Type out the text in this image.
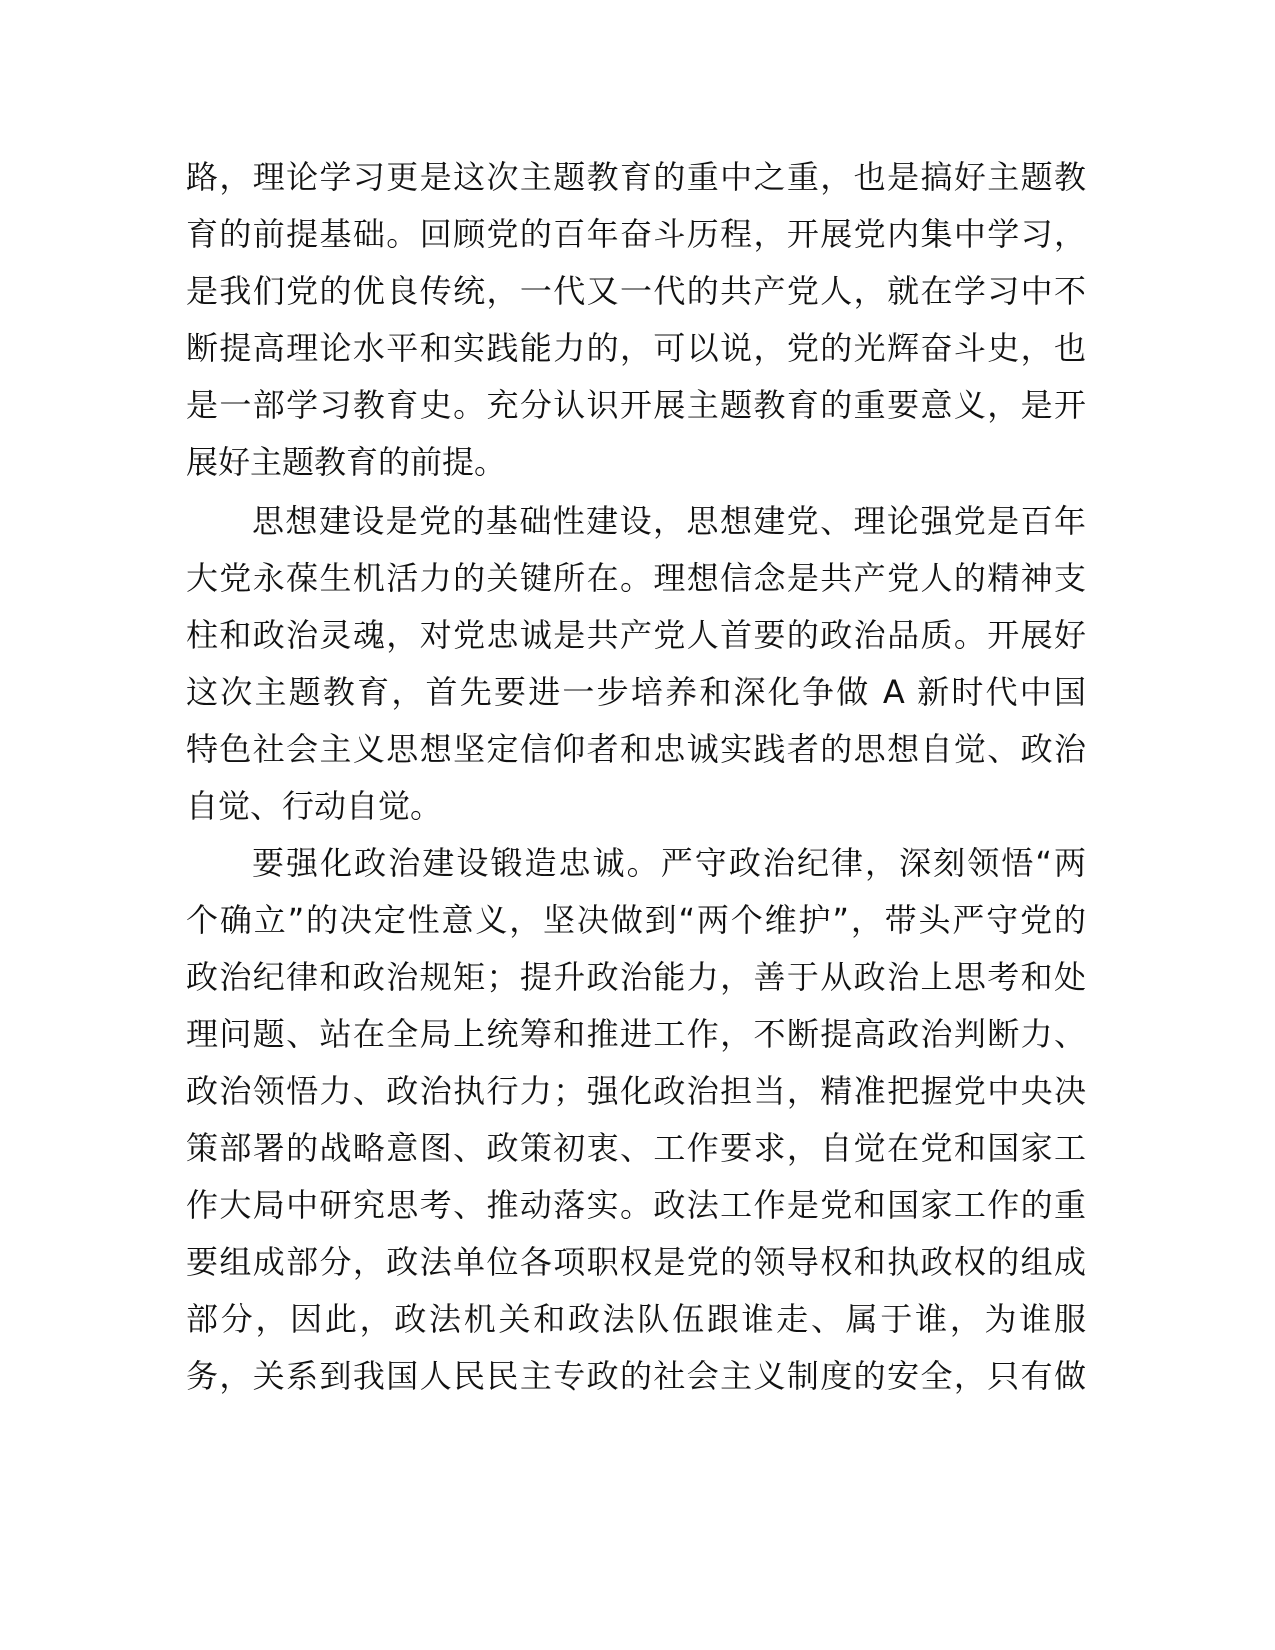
路，理论学习更是这次主题教育的重中之重，也是搞好主题教
育的前提基础。回顾党的百年奋斗历程，开展党内集中学习，
是我们党的优良传统，一代又一代的共产党人，就在学习中不
断提高理论水平和实践能力的，可以说，党的光辉奋斗史，也
是一部学习教育史。充分认识开展主题教育的重要意义，是开
展好主题教育的前提。
思想建设是党的基础性建设，思想建党、理论强党是百年
大党永葆生机活力的关键所在。理想信念是共产党人的精神支
柱和政治灵魂，对党忠诚是共产党人首要的政治品质。开展好
这次主题教育，首先要进一步培养和深化争做 A 新时代中国
特色社会主义思想坚定信仰者和忠诚实践者的思想自觉、政治
自觉、行动自觉。
要强化政治建设锻造忠诚。严守政治纪律，深刻领悟“两
个确立”的决定性意义，坚决做到“两个维护”，带头严守党的
政治纪律和政治规矩；提升政治能力，善于从政治上思考和处
理问题、站在全局上统筹和推进工作，不断提高政治判断力、
政治领悟力、政治执行力；强化政治担当，精准把握党中央决
策部署的战略意图、政策初衷、工作要求，自觉在党和国家工
作大局中研究思考、推动落实。政法工作是党和国家工作的重
要组成部分，政法单位各项职权是党的领导权和执政权的组成
部分，因此，政法机关和政法队伍跟谁走、属于谁，为谁服
务，关系到我国人民民主专政的社会主义制度的安全，只有做
